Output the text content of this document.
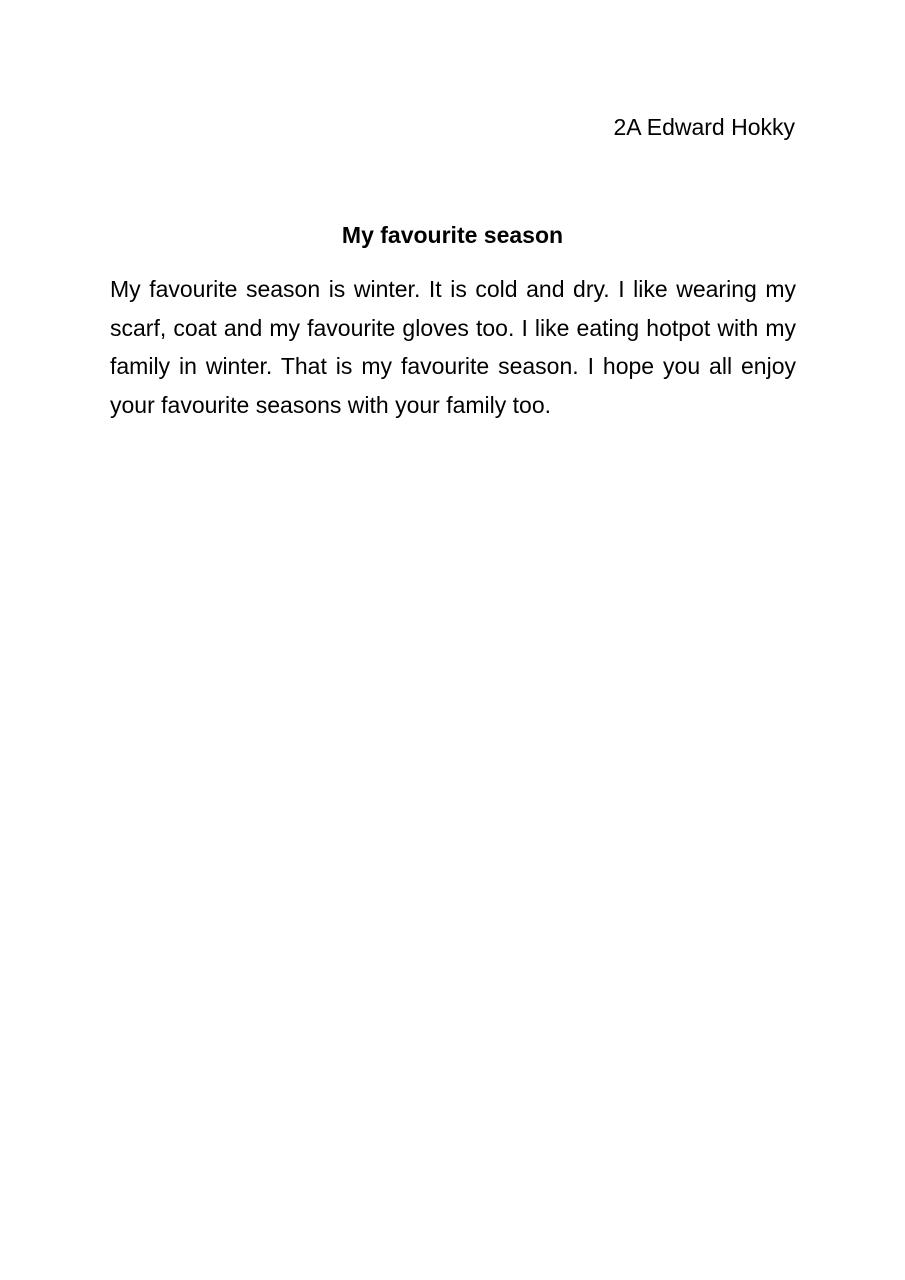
2A Edward Hokky
My favourite season

My favourite season is winter. It is cold and dry. I like wearing my scarf, coat and my favourite gloves too. I like eating hotpot with my family in winter. That is my favourite season. I hope you all enjoy your favourite seasons with your family too.
